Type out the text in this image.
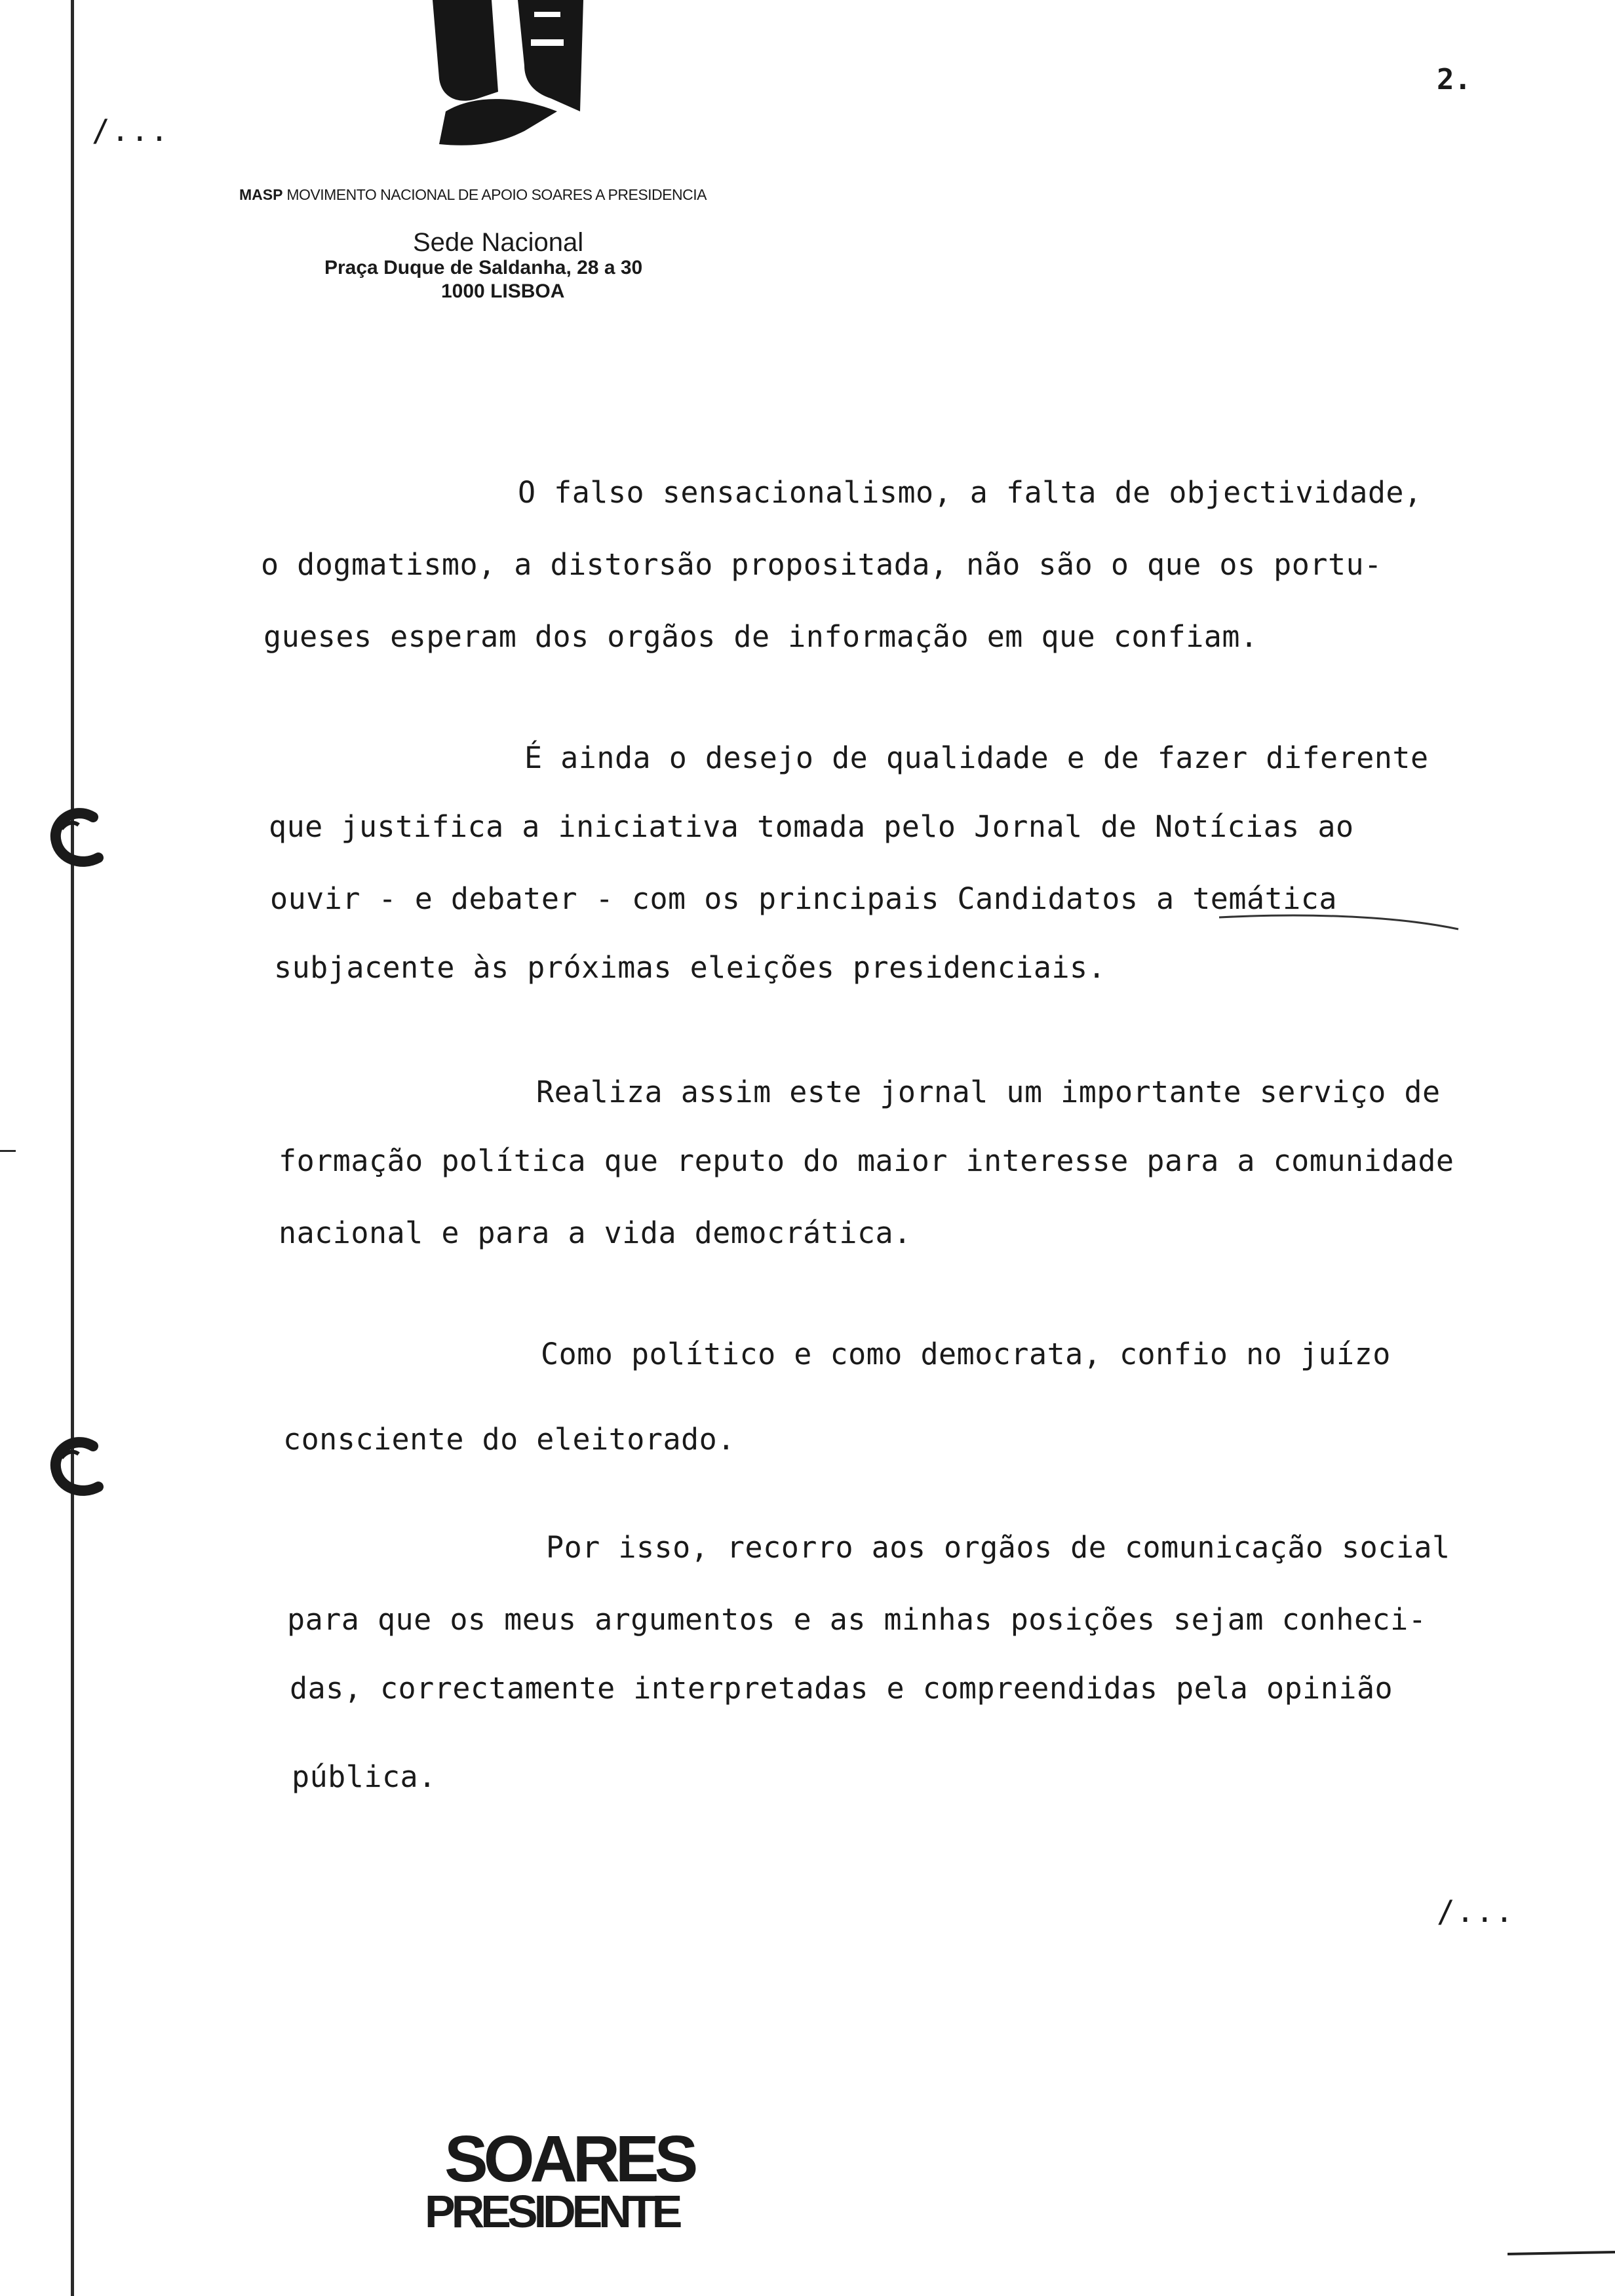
2.
/...
MASP MOVIMENTO NACIONAL DE APOIO SOARES A PRESIDENCIA
Sede Nacional
Praça Duque de Saldanha, 28 a 30
1000 LISBOA
O falso sensacionalismo, a falta de objectividade,
o dogmatismo, a distorsão propositada, não são o que os portu-
gueses esperam dos orgãos de informação em que confiam.
É ainda o desejo de qualidade e de fazer diferente
que justifica a iniciativa tomada pelo Jornal de Notícias ao
ouvir - e debater - com os principais Candidatos a temática
subjacente às próximas eleições presidenciais.
Realiza assim este jornal um importante serviço de
formação política que reputo do maior interesse para a comunidade
nacional e para a vida democrática.
Como político e como democrata, confio no juízo
consciente do eleitorado.
Por isso, recorro aos orgãos de comunicação social
para que os meus argumentos e as minhas posições sejam conheci-
das, correctamente interpretadas e compreendidas pela opinião
pública.
/...
SOARES
PRESIDENTE
